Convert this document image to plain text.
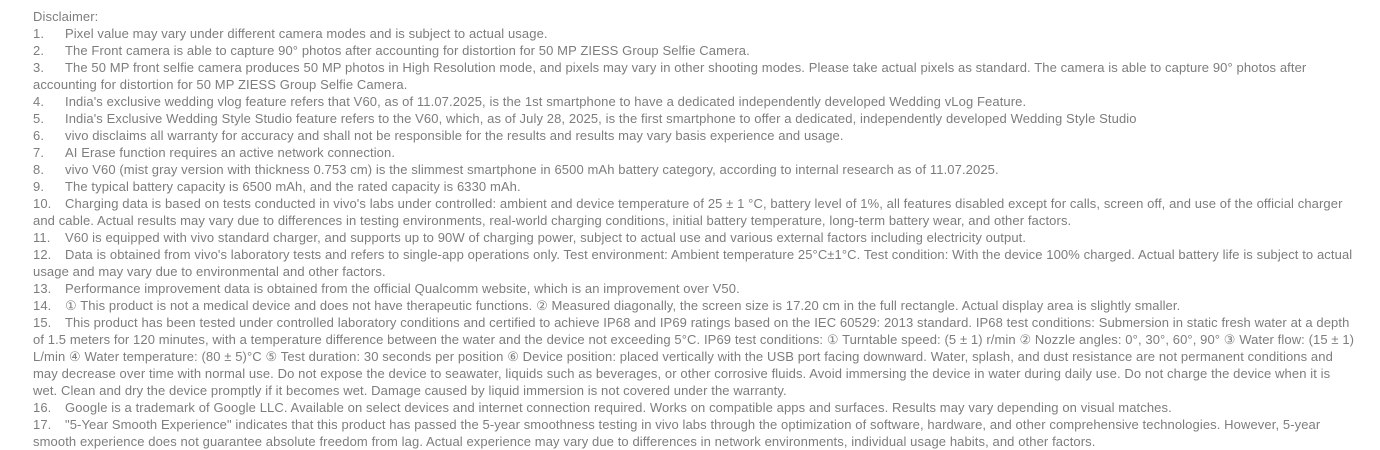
Disclaimer:

1. Pixel value may vary under different camera modes and is subject to actual usage.

2. The Front camera is able to capture 90° photos after accounting for distortion for 50 MP ZIESS Group Selfie Camera.

3. The 50 MP front selfie camera produces 50 MP photos in High Resolution mode, and pixels may vary in other shooting modes. Please take actual pixels as standard. The camera is able to capture 90° photos after accounting for distortion for 50 MP ZIESS Group Selfie Camera.

4. India's exclusive wedding vlog feature refers that V60, as of 11.07.2025, is the 1st smartphone to have a dedicated independently developed Wedding vLog Feature.

5. India's Exclusive Wedding Style Studio feature refers to the V60, which, as of July 28, 2025, is the first smartphone to offer a dedicated, independently developed Wedding Style Studio

6. vivo disclaims all warranty for accuracy and shall not be responsible for the results and results may vary basis experience and usage.

7. AI Erase function requires an active network connection.

8. vivo V60 (mist gray version with thickness 0.753 cm) is the slimmest smartphone in 6500 mAh battery category, according to internal research as of 11.07.2025.

9. The typical battery capacity is 6500 mAh, and the rated capacity is 6330 mAh.

10. Charging data is based on tests conducted in vivo's labs under controlled: ambient and device temperature of 25 ± 1 °C, battery level of 1%, all features disabled except for calls, screen off, and use of the official charger and cable. Actual results may vary due to differences in testing environments, real-world charging conditions, initial battery temperature, long-term battery wear, and other factors.

11. V60 is equipped with vivo standard charger, and supports up to 90W of charging power, subject to actual use and various external factors including electricity output.

12. Data is obtained from vivo's laboratory tests and refers to single-app operations only. Test environment: Ambient temperature 25°C±1°C. Test condition: With the device 100% charged. Actual battery life is subject to actual usage and may vary due to environmental and other factors.

13. Performance improvement data is obtained from the official Qualcomm website, which is an improvement over V50.

14. ① This product is not a medical device and does not have therapeutic functions. ② Measured diagonally, the screen size is 17.20 cm in the full rectangle. Actual display area is slightly smaller.

15. This product has been tested under controlled laboratory conditions and certified to achieve IP68 and IP69 ratings based on the IEC 60529: 2013 standard. IP68 test conditions: Submersion in static fresh water at a depth of 1.5 meters for 120 minutes, with a temperature difference between the water and the device not exceeding 5°C. IP69 test conditions: ① Turntable speed: (5 ± 1) r/min ② Nozzle angles: 0°, 30°, 60°, 90° ③ Water flow: (15 ± 1) L/min ④ Water temperature: (80 ± 5)°C ⑤ Test duration: 30 seconds per position ⑥ Device position: placed vertically with the USB port facing downward. Water, splash, and dust resistance are not permanent conditions and may decrease over time with normal use. Do not expose the device to seawater, liquids such as beverages, or other corrosive fluids. Avoid immersing the device in water during daily use. Do not charge the device when it is wet. Clean and dry the device promptly if it becomes wet. Damage caused by liquid immersion is not covered under the warranty.

16. Google is a trademark of Google LLC. Available on select devices and internet connection required. Works on compatible apps and surfaces. Results may vary depending on visual matches.

17. "5-Year Smooth Experience" indicates that this product has passed the 5-year smoothness testing in vivo labs through the optimization of software, hardware, and other comprehensive technologies. However, 5-year smooth experience does not guarantee absolute freedom from lag. Actual experience may vary due to differences in network environments, individual usage habits, and other factors.
